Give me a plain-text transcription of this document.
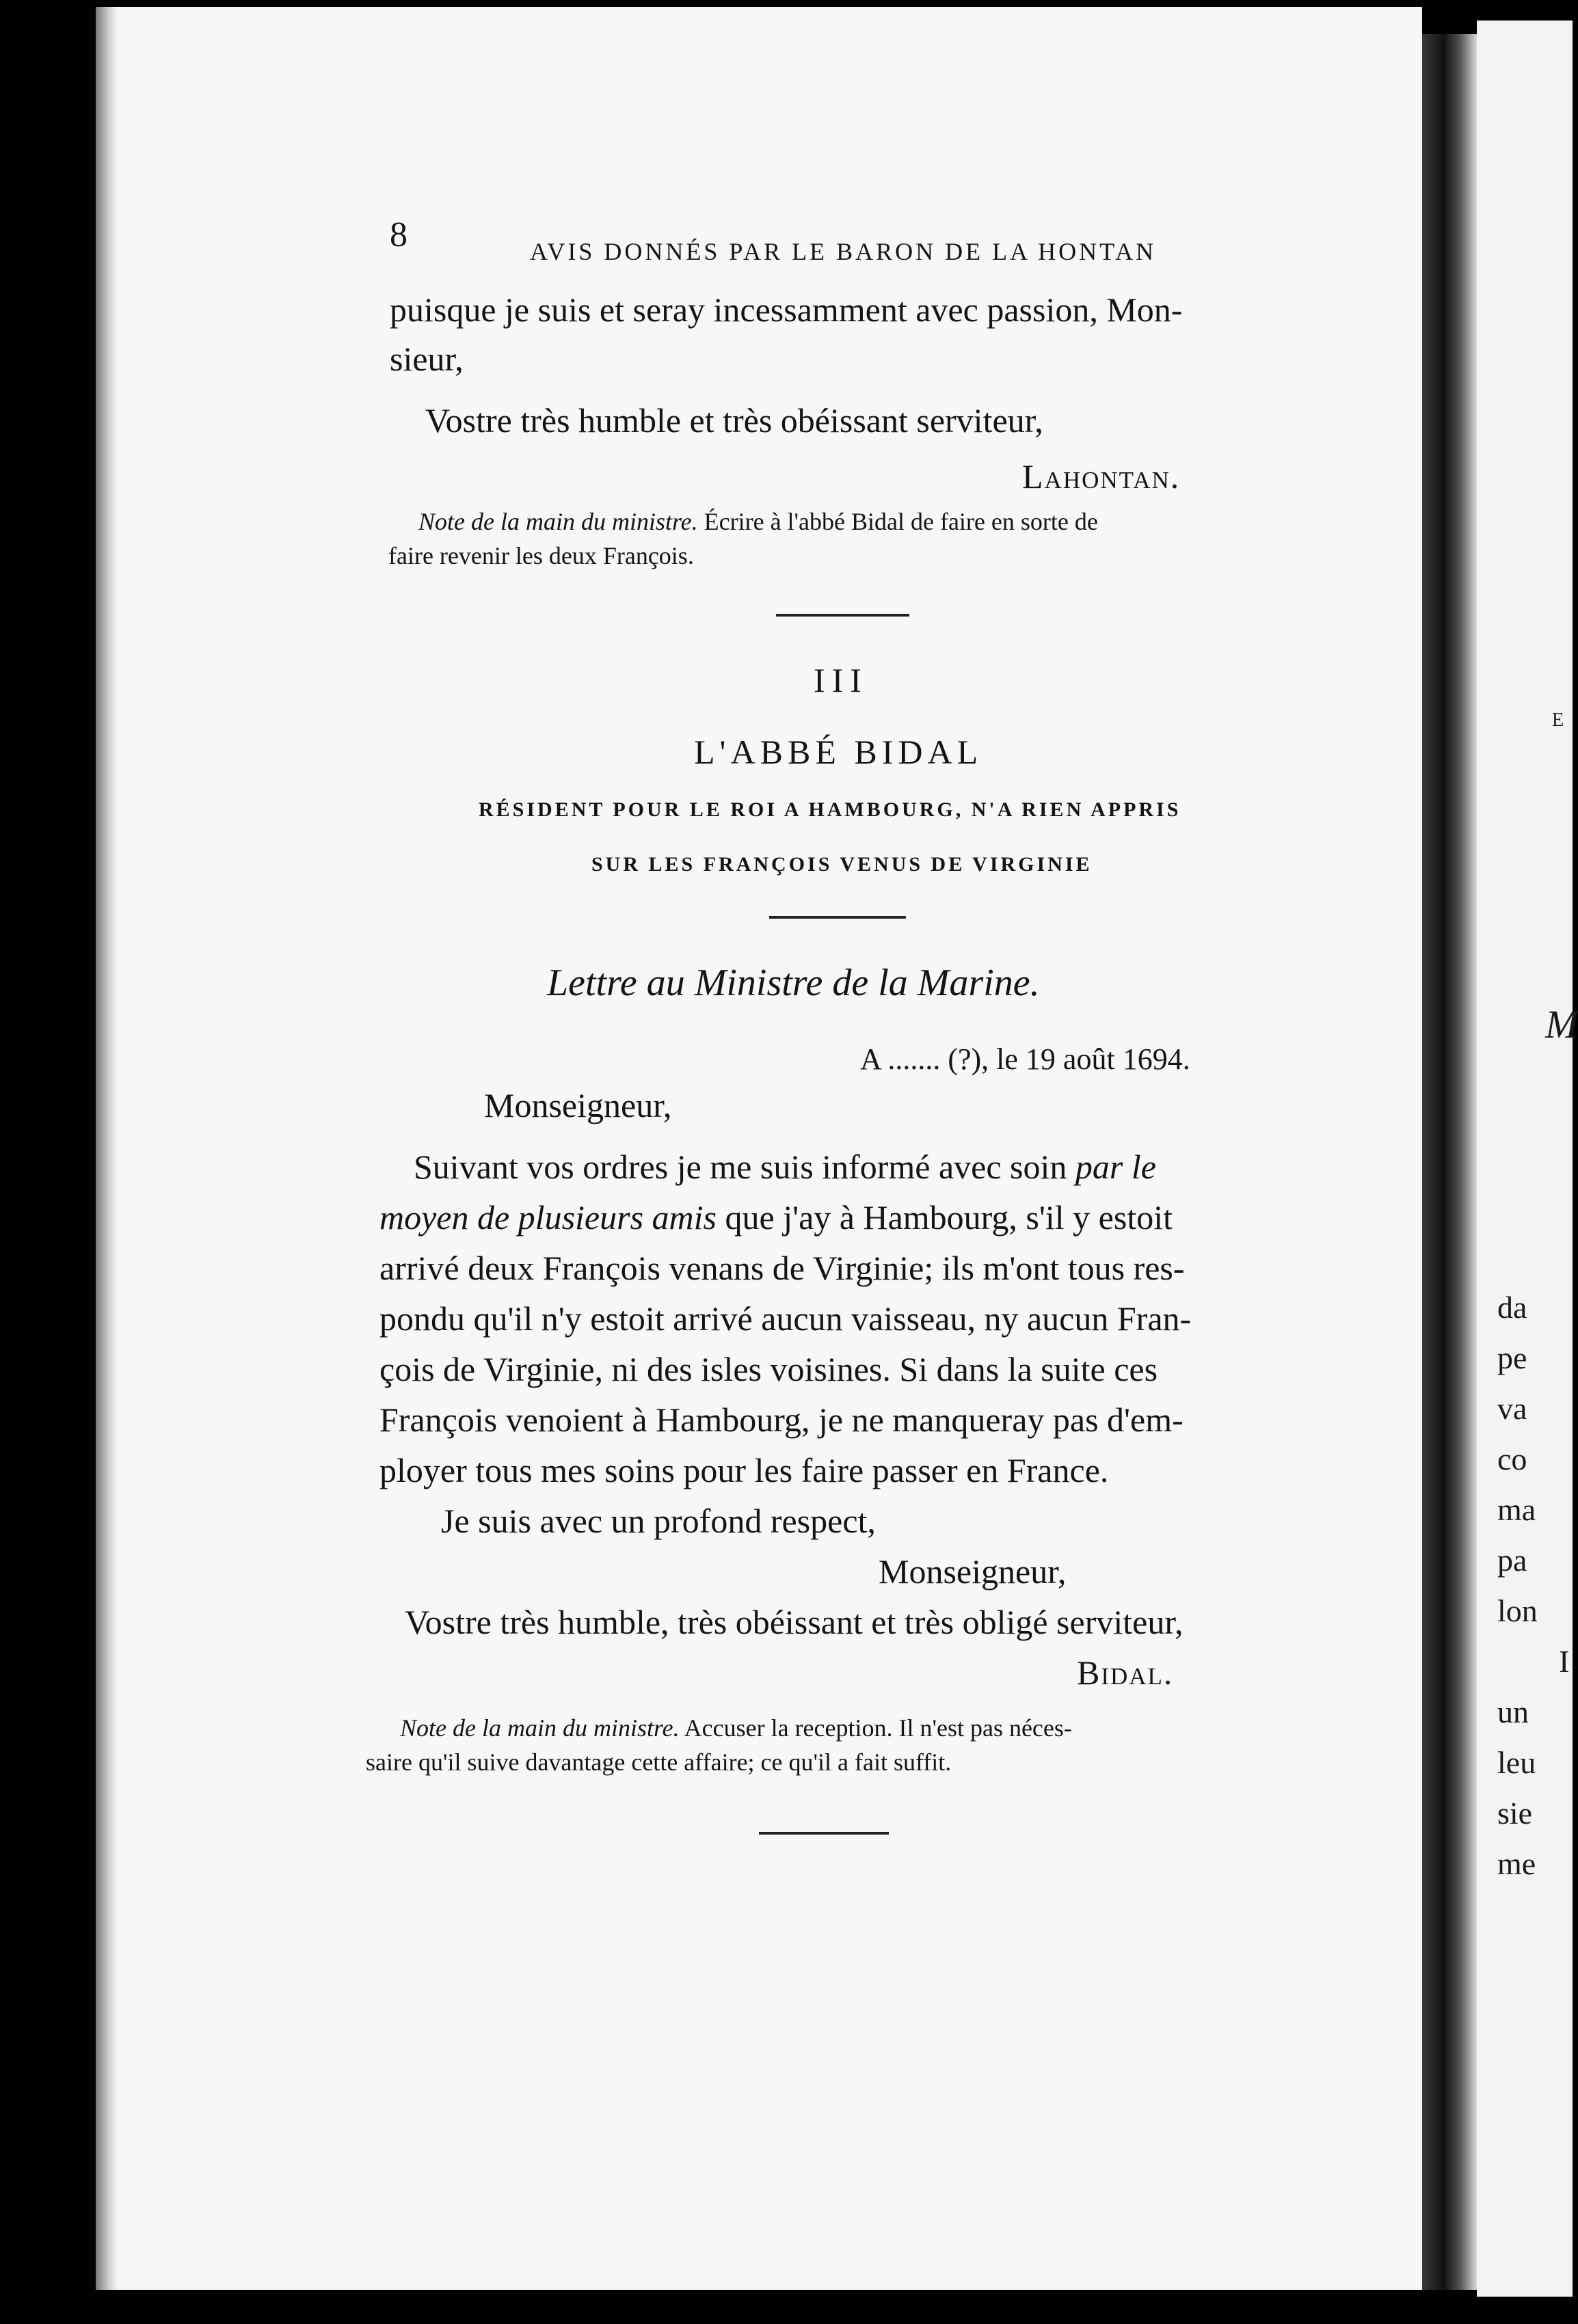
E
M
da
pe
va
co
ma
pa
lon
I
un
leu
sie
me
8	AVIS DONNÉS PAR LE BARON DE LA HONTAN
puisque je suis et seray incessamment avec passion, Mon-
sieur,
Vostre très humble et très obéissant serviteur,
Lahontan.
Note de la main du ministre. Écrire à l'abbé Bidal de faire en sorte de
faire revenir les deux François.
III
L'ABBÉ BIDAL
RÉSIDENT POUR LE ROI A HAMBOURG, N'A RIEN APPRIS
SUR LES FRANÇOIS VENUS DE VIRGINIE
Lettre au Ministre de la Marine.
A ....... (?), le 19 août 1694.
Monseigneur,
Suivant vos ordres je me suis informé avec soin par le
moyen de plusieurs amis que j'ay à Hambourg, s'il y estoit
arrivé deux François venans de Virginie; ils m'ont tous res-
pondu qu'il n'y estoit arrivé aucun vaisseau, ny aucun Fran-
çois de Virginie, ni des isles voisines. Si dans la suite ces
François venoient à Hambourg, je ne manqueray pas d'em-
ployer tous mes soins pour les faire passer en France.
Je suis avec un profond respect,
Monseigneur,
Vostre très humble, très obéissant et très obligé serviteur,
Bidal.
Note de la main du ministre. Accuser la reception. Il n'est pas néces-
saire qu'il suive davantage cette affaire; ce qu'il a fait suffit.
